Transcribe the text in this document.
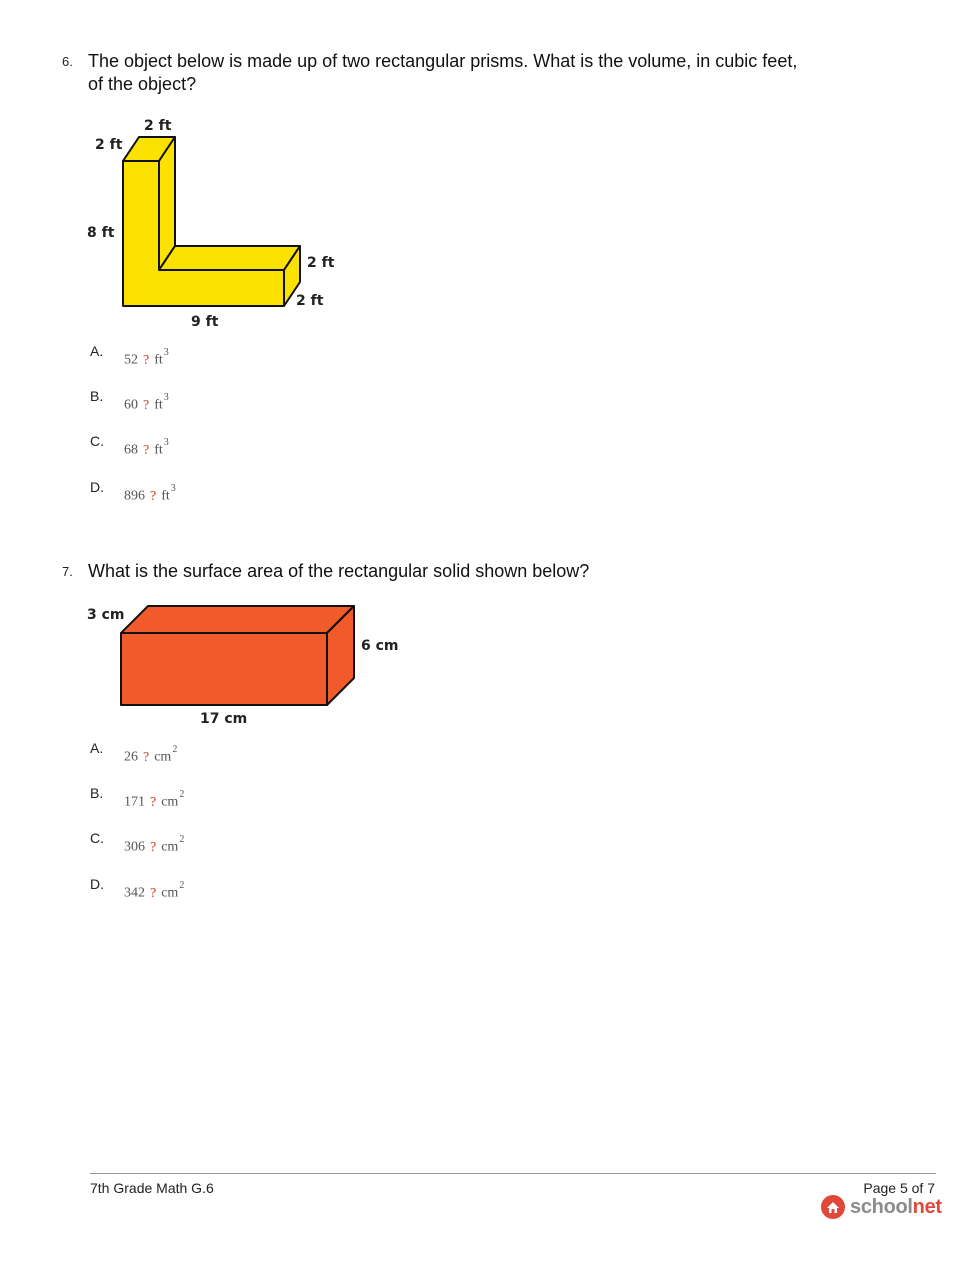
6. The object below is made up of two rectangular prisms. What is the volume, in cubic feet,
of the object?
2 ft
2 ft
8 ft
2 ft
2 ft
9 ft
A.
52 ? $ft^3$
B.
60 ? $ft^3$
C.
68 ? $ft^3$
D.
896 ? $ft^3$
7. What is the surface area of the rectangular solid shown below?
3 cm
6 cm
17 cm
A.
26 ? $cm^2$
B.
171 ? $cm^2$
C.
306 ? $cm^2$
D.
342 ? $cm^2$
7th Grade Math G.6	Page 5 of 7
schoolnet
